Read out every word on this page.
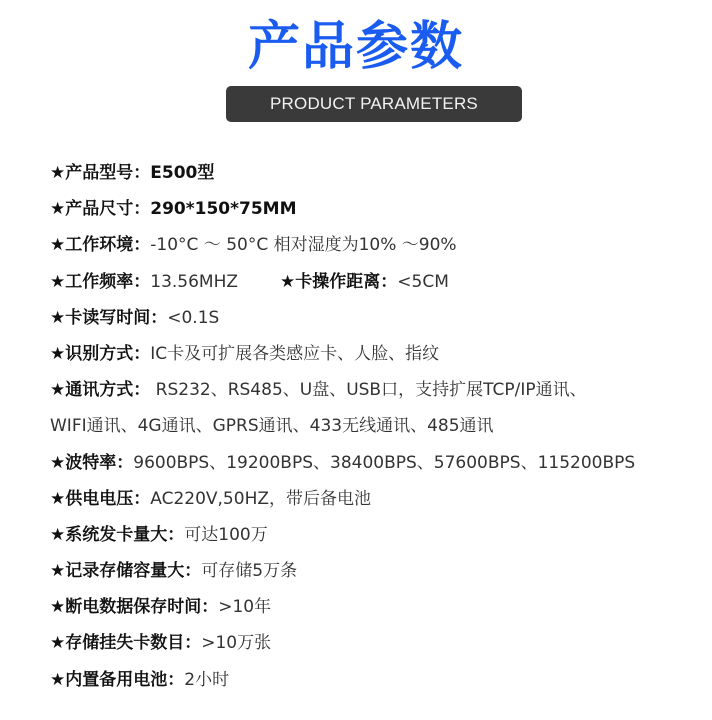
产品参数
PRODUCT PARAMETERS
★产品型号：E500型
★产品尺寸：290*150*75MM
★工作环境：-10°C ～ 50°C 相对湿度为10% ～90%
★工作频率：13.56MHZ ★卡操作距离：<5CM
★卡读写时间：<0.1S
★识别方式：IC卡及可扩展各类感应卡、人脸、指纹
★通讯方式： RS232、RS485、U盘、USB口，支持扩展TCP/IP通讯、
WIFI通讯、4G通讯、GPRS通讯、433无线通讯、485通讯
★波特率：9600BPS、19200BPS、38400BPS、57600BPS、115200BPS
★供电电压：AC220V,50HZ，带后备电池
★系统发卡量大：可达100万
★记录存储容量大：可存储5万条
★断电数据保存时间：>10年
★存储挂失卡数目：>10万张
★内置备用电池：2小时
